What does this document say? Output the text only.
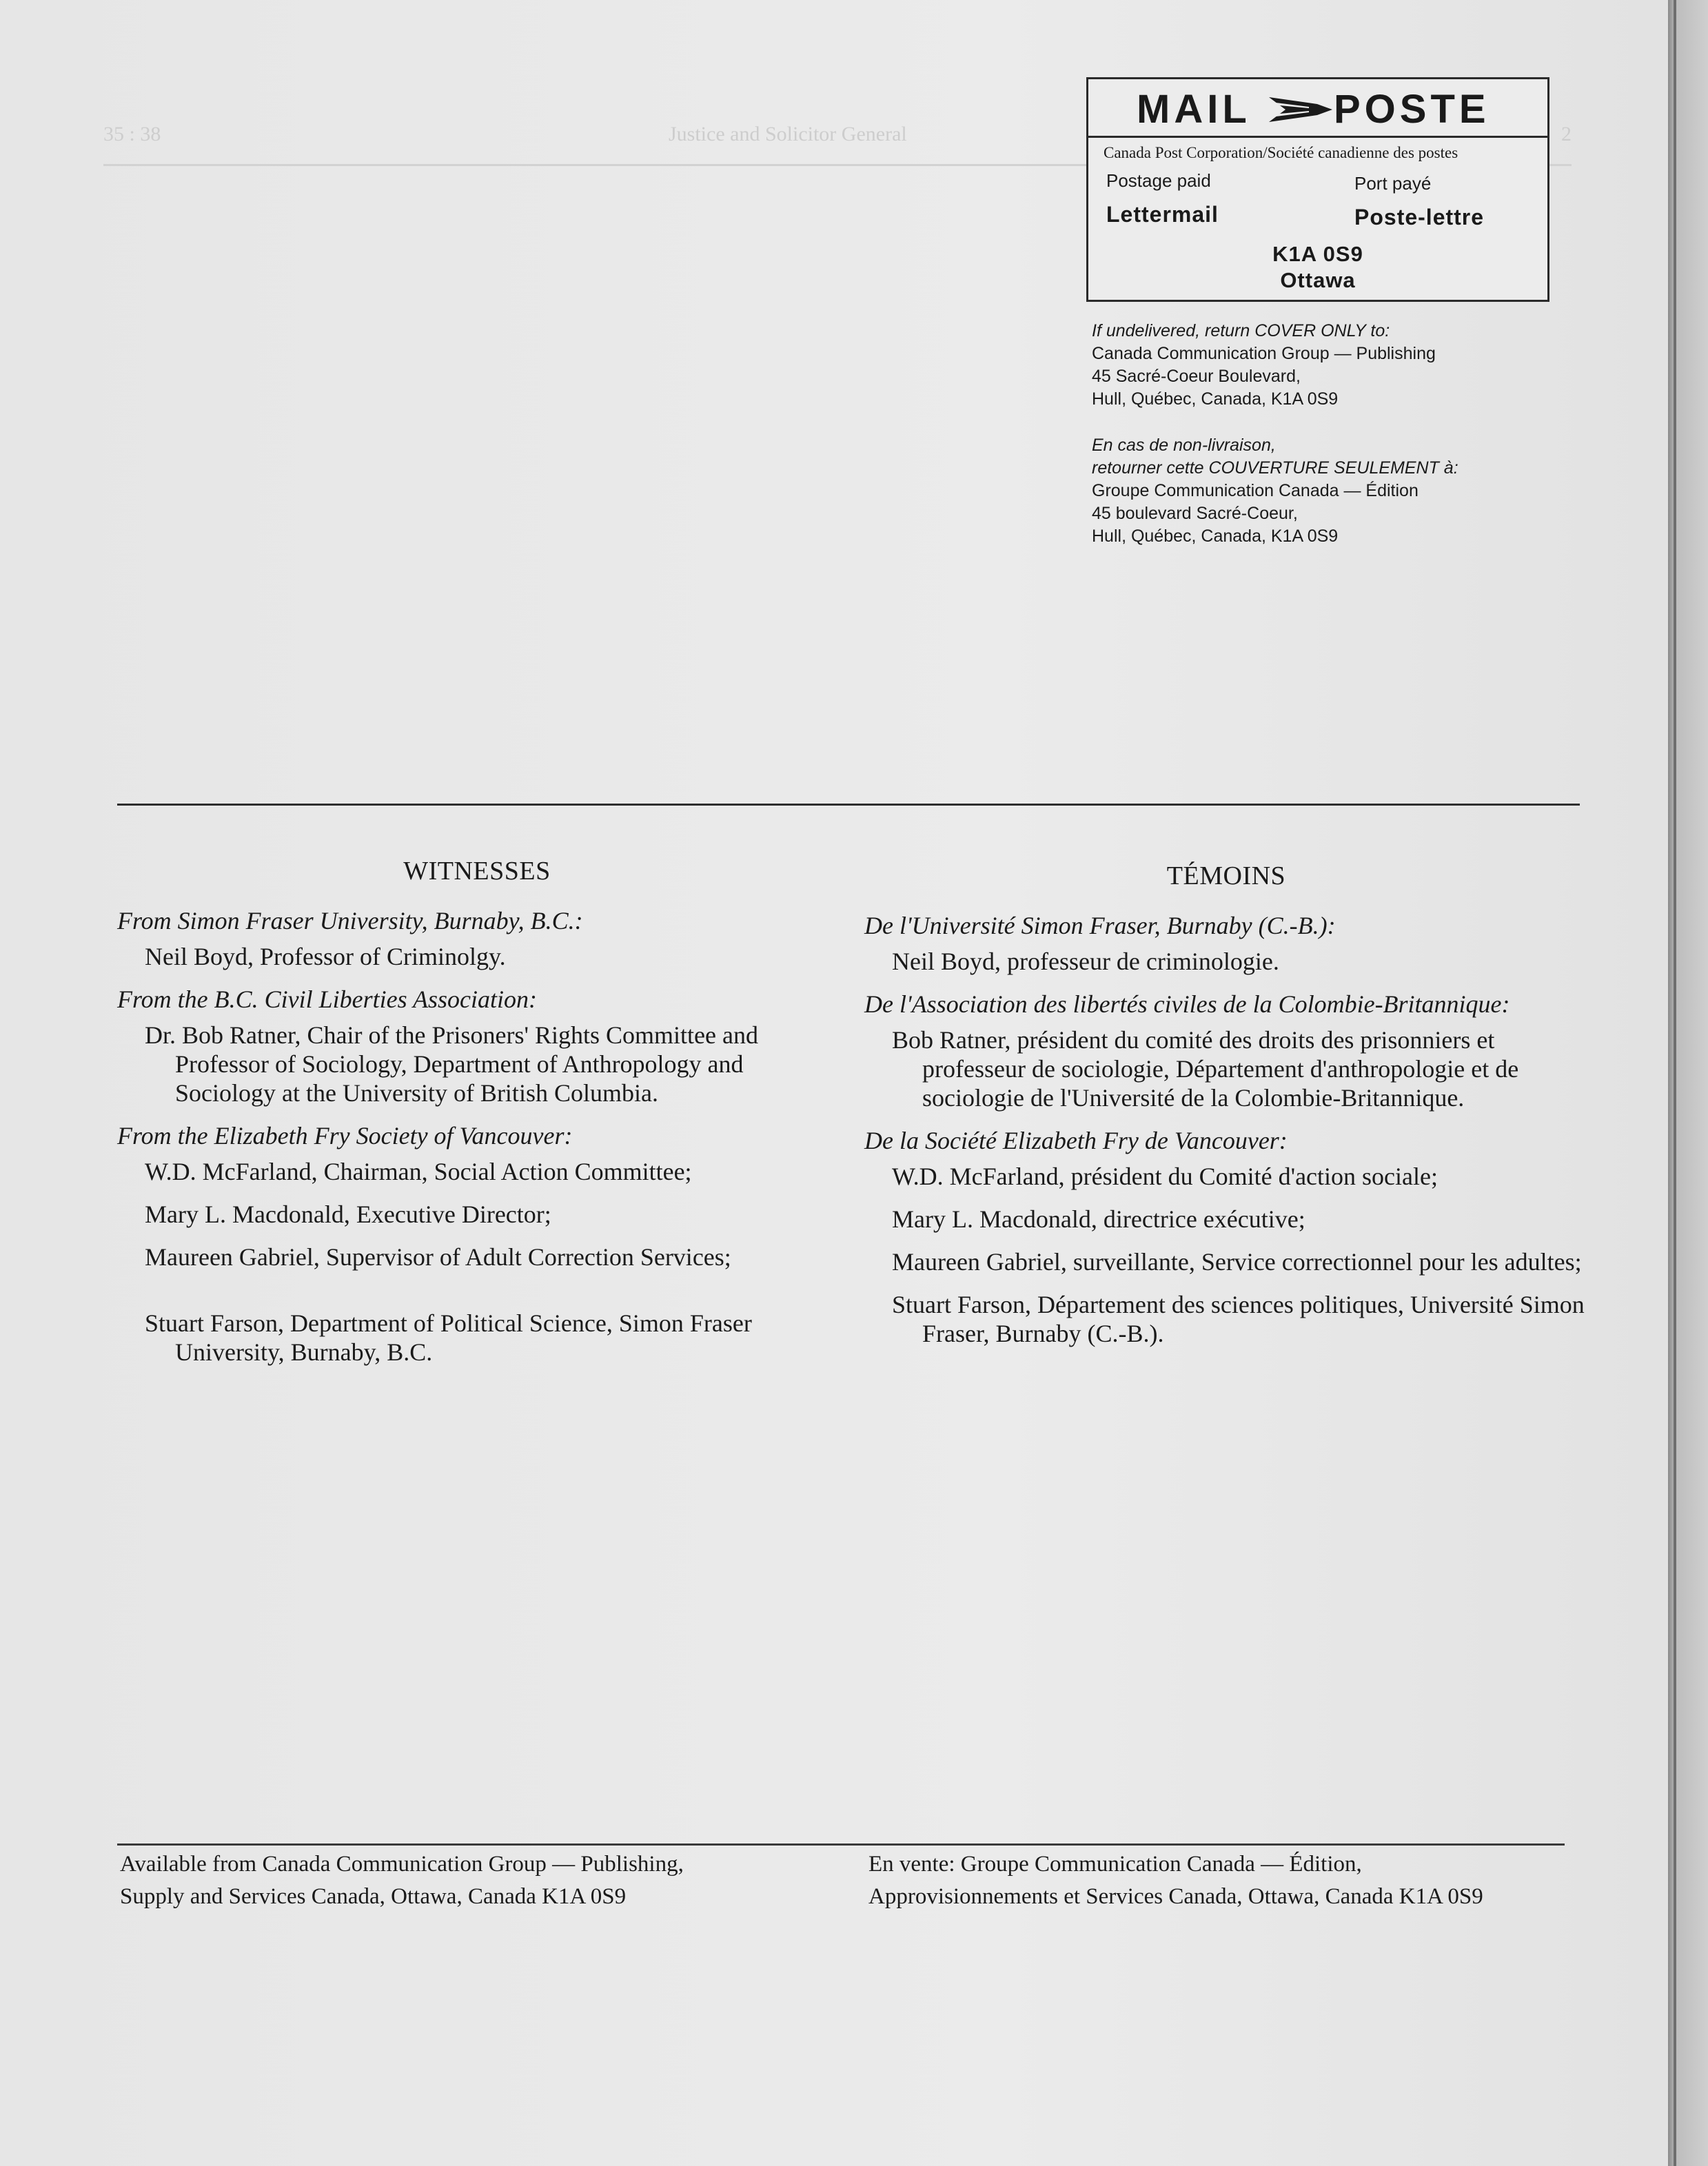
35 : 38	Justice and Solicitor General	2
MAIL POSTE
Canada Post Corporation/Société canadienne des postes
Postage paid	Port payé
Lettermail	Poste-lettre
K1A 0S9
Ottawa
If undelivered, return COVER ONLY to:
Canada Communication Group — Publishing
45 Sacré-Coeur Boulevard,
Hull, Québec, Canada, K1A 0S9
En cas de non-livraison,
retourner cette COUVERTURE SEULEMENT à:
Groupe Communication Canada — Édition
45 boulevard Sacré-Coeur,
Hull, Québec, Canada, K1A 0S9
WITNESSES
From Simon Fraser University, Burnaby, B.C.:
Neil Boyd, Professor of Criminolgy.
From the B.C. Civil Liberties Association:
Dr. Bob Ratner, Chair of the Prisoners' Rights Committee and Professor of Sociology, Department of Anthropology and Sociology at the University of British Columbia.
From the Elizabeth Fry Society of Vancouver:
W.D. McFarland, Chairman, Social Action Committee;
Mary L. Macdonald, Executive Director;
Maureen Gabriel, Supervisor of Adult Correction Services;
Stuart Farson, Department of Political Science, Simon Fraser University, Burnaby, B.C.
TÉMOINS
De l'Université Simon Fraser, Burnaby (C.-B.):
Neil Boyd, professeur de criminologie.
De l'Association des libertés civiles de la Colombie-Britannique:
Bob Ratner, président du comité des droits des prisonniers et professeur de sociologie, Département d'anthropologie et de sociologie de l'Université de la Colombie-Britannique.
De la Société Elizabeth Fry de Vancouver:
W.D. McFarland, président du Comité d'action sociale;
Mary L. Macdonald, directrice exécutive;
Maureen Gabriel, surveillante, Service correctionnel pour les adultes;
Stuart Farson, Département des sciences politiques, Université Simon Fraser, Burnaby (C.-B.).
Available from Canada Communication Group — Publishing,
Supply and Services Canada, Ottawa, Canada K1A 0S9
En vente: Groupe Communication Canada — Édition,
Approvisionnements et Services Canada, Ottawa, Canada K1A 0S9
